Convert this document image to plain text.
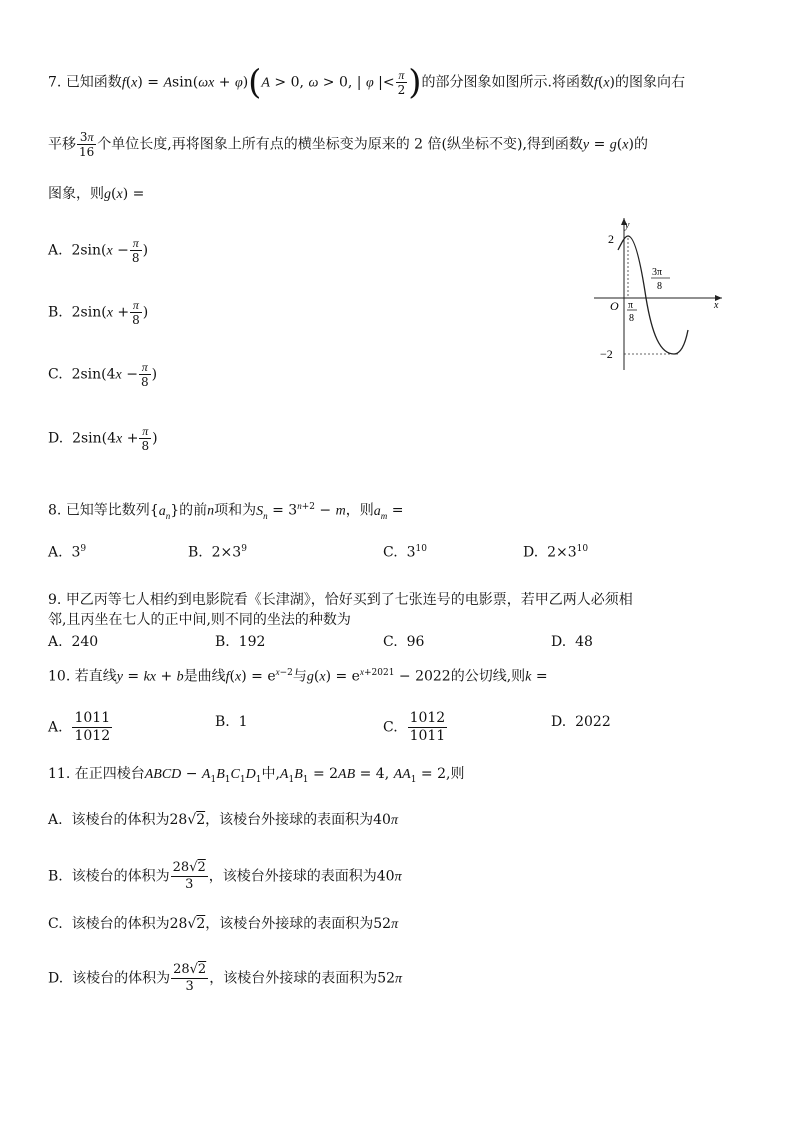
7. 已知函数f(x) = Asin(ωx + φ)(A > 0, ω > 0, | φ |< $\frac{\pi}{2}$ )的部分图象如图所示.将函数f(x)的图象向右
平移 $\frac{3\pi}{16}$ 个单位长度,再将图象上所有点的横坐标变为原来的 2 倍(纵坐标不变),得到函数y = g(x)的
图象，则g(x) =
A.  $2\sin(x - \frac{\pi}{8}$ )
B.  $2\sin(x + \frac{\pi}{8}$ )
C.  $2\sin(4x - \frac{\pi}{8}$ )
D.  $2\sin(4x + \frac{\pi}{8}$ )
y
x
O
2
−2
π
8
3π
8
8. 已知等比数列$\{a_n\}$的前n项和为$S_n = 3^{n+2} - m$，则$a_m$ =
A.  $3^9$	B.  $2\times 3^9$	C.  $3^{10}$	D.  $2\times 3^{10}$
9. 甲乙丙等七人相约到电影院看《长津湖》，恰好买到了七张连号的电影票，若甲乙两人必须相
邻,且丙坐在七人的正中间,则不同的坐法的种数为
A. 240	B. 192	C. 96	D. 48
10. 若直线y = kx + b是曲线$f(x) = e^{x-2}$与$g(x) = e^{x+2021} - 2022$的公切线,则k =
A. $\frac{1011}{1012}$	B. 1	C. $\frac{1012}{1011}$	D. 2022
11. 在正四棱台ABCD − $A_1B_1C_1D_1$中$,A_1B_1 = 2AB = 4$, $AA_1 = 2$,则
A. 该棱台的体积为28√2，该棱台外接球的表面积为40π
B. 该棱台的体积为 $\frac{28√2}{3}$ ，该棱台外接球的表面积为40π
C. 该棱台的体积为28√2，该棱台外接球的表面积为52π
D. 该棱台的体积为 $\frac{28√2}{3}$ ，该棱台外接球的表面积为52π
